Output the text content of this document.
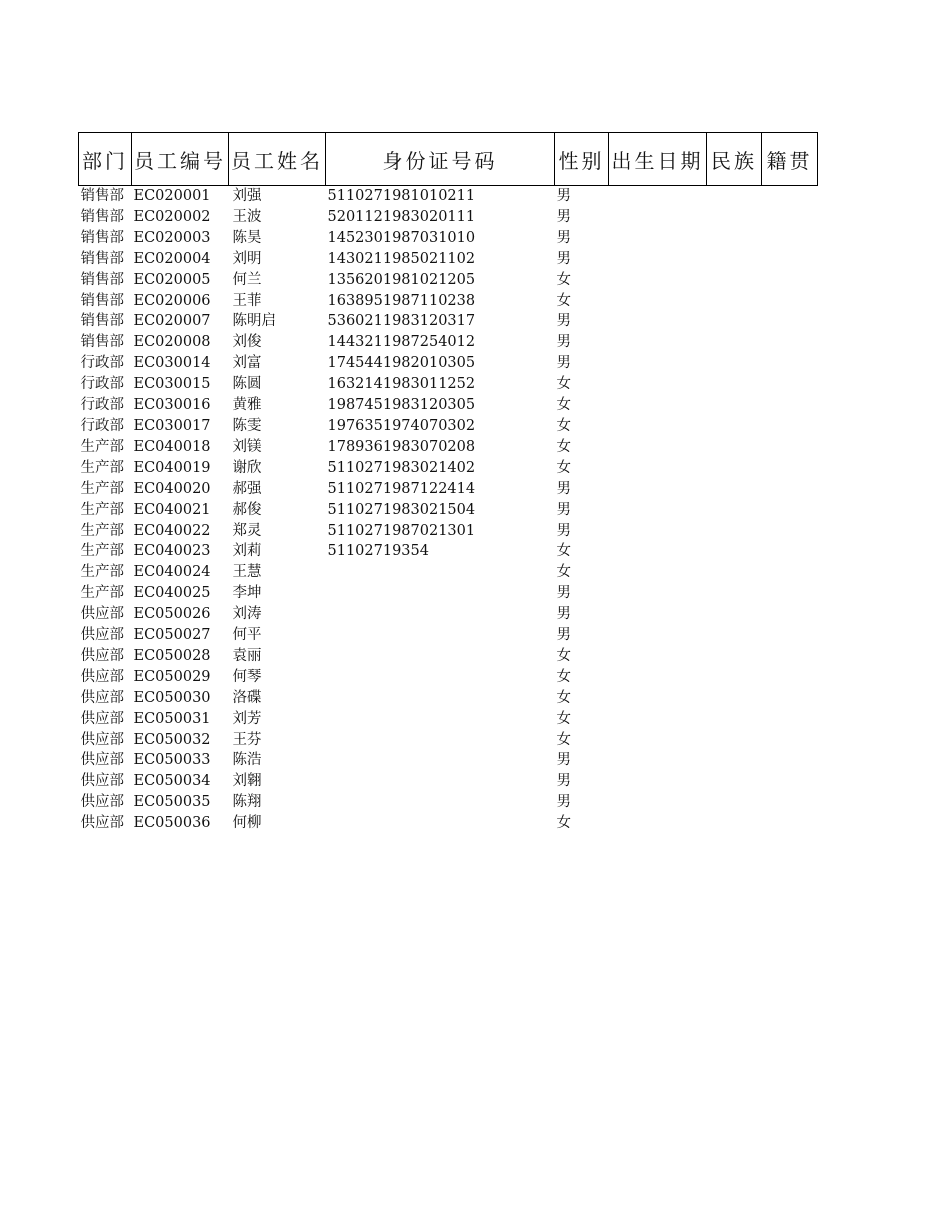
部门	员工编号	员工姓名	身份证号码	性别	出生日期	民族	籍贯
销售部	EC020001	刘强	5110271981010211	男			
销售部	EC020002	王波	5201121983020111	男			
销售部	EC020003	陈昊	1452301987031010	男			
销售部	EC020004	刘明	1430211985021102	男			
销售部	EC020005	何兰	1356201981021205	女			
销售部	EC020006	王菲	1638951987110238	女			
销售部	EC020007	陈明启	5360211983120317	男			
销售部	EC020008	刘俊	1443211987254012	男			
行政部	EC030014	刘富	1745441982010305	男			
行政部	EC030015	陈圆	1632141983011252	女			
行政部	EC030016	黄雅	1987451983120305	女			
行政部	EC030017	陈雯	1976351974070302	女			
生产部	EC040018	刘镁	1789361983070208	女			
生产部	EC040019	谢欣	5110271983021402	女			
生产部	EC040020	郝强	5110271987122414	男			
生产部	EC040021	郝俊	5110271983021504	男			
生产部	EC040022	郑灵	5110271987021301	男			
生产部	EC040023	刘莉	51102719354	女			
生产部	EC040024	王慧		女			
生产部	EC040025	李坤		男			
供应部	EC050026	刘涛		男			
供应部	EC050027	何平		男			
供应部	EC050028	袁丽		女			
供应部	EC050029	何琴		女			
供应部	EC050030	洛碟		女			
供应部	EC050031	刘芳		女			
供应部	EC050032	王芬		女			
供应部	EC050033	陈浩		男			
供应部	EC050034	刘翱		男			
供应部	EC050035	陈翔		男			
供应部	EC050036	何柳		女			
